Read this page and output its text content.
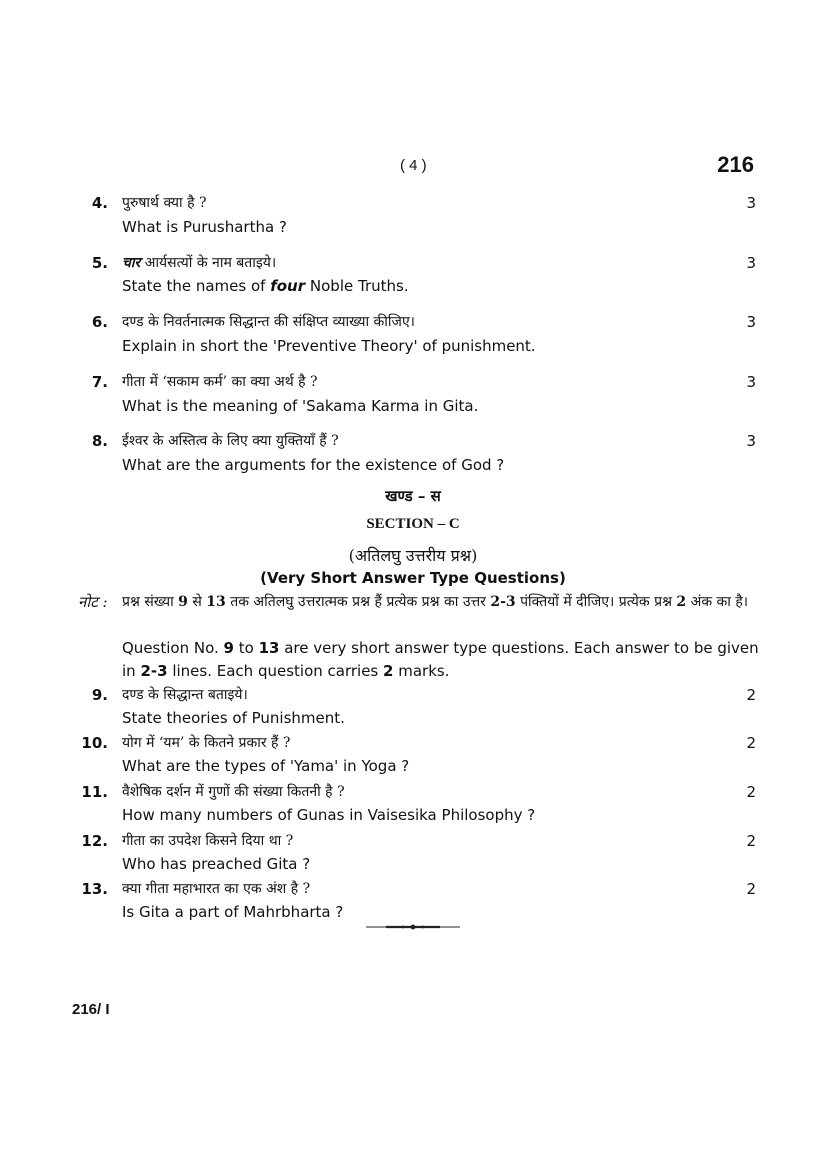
( 4 )	216
4. पुरुषार्थ क्या है ?	3
What is Purushartha ?
5. चार आर्यसत्यों के नाम बताइये।	3
State the names of four Noble Truths.
6. दण्ड के निवर्तनात्मक सिद्धान्त की संक्षिप्त व्याख्या कीजिए।	3
Explain in short the 'Preventive Theory' of punishment.
7. गीता में ‘सकाम कर्म’ का क्या अर्थ है ?	3
What is the meaning of 'Sakama Karma in Gita.
8. ईश्वर के अस्तित्व के लिए क्या युक्तियाँ हैं ?	3
What are the arguments for the existence of God ?
खण्ड – स
SECTION – C
(अतिलघु उत्तरीय प्रश्न)
(Very Short Answer Type Questions)
नोट : प्रश्न संख्या 9 से 13 तक अतिलघु उत्तरात्मक प्रश्न हैं प्रत्येक प्रश्न का उत्तर 2-3 पंक्तियों में दीजिए। प्रत्येक प्रश्न 2 अंक का है।
Question No. 9 to 13 are very short answer type questions. Each answer to be given in 2-3 lines. Each question carries 2 marks.
9. दण्ड के सिद्धान्त बताइये।	2
State theories of Punishment.
10. योग में ‘यम’ के कितने प्रकार हैं ?	2
What are the types of 'Yama' in Yoga ?
11. वैशेषिक दर्शन में गुणों की संख्या कितनी है ?	2
How many numbers of Gunas in Vaisesika Philosophy ?
12. गीता का उपदेश किसने दिया था ?	2
Who has preached Gita ?
13. क्या गीता महाभारत का एक अंश है ?	2
Is Gita a part of Mahrbharta ?
216/ I
